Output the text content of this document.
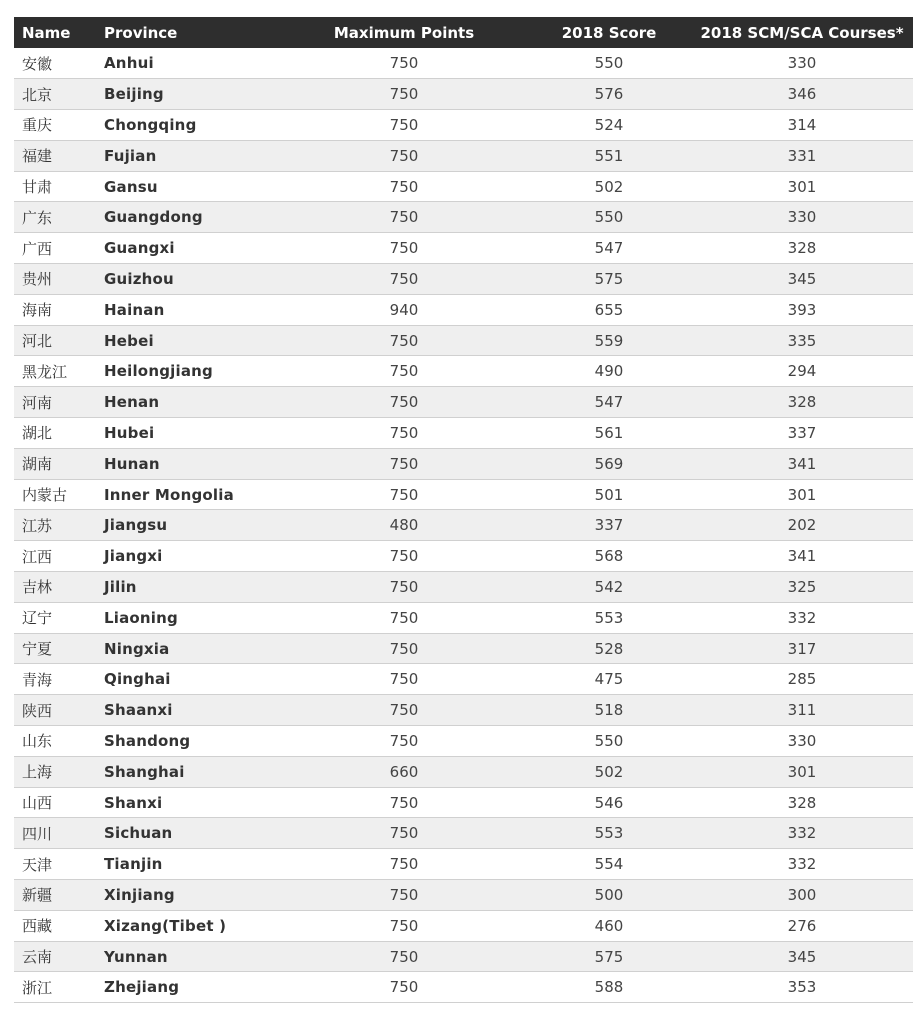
Name	Province	Maximum Points	2018 Score	2018 SCM/SCA Courses*
安徽	Anhui	750	550	330
北京	Beijing	750	576	346
重庆	Chongqing	750	524	314
福建	Fujian	750	551	331
甘肃	Gansu	750	502	301
广东	Guangdong	750	550	330
广西	Guangxi	750	547	328
贵州	Guizhou	750	575	345
海南	Hainan	940	655	393
河北	Hebei	750	559	335
黑龙江	Heilongjiang	750	490	294
河南	Henan	750	547	328
湖北	Hubei	750	561	337
湖南	Hunan	750	569	341
内蒙古	Inner Mongolia	750	501	301
江苏	Jiangsu	480	337	202
江西	Jiangxi	750	568	341
吉林	Jilin	750	542	325
辽宁	Liaoning	750	553	332
宁夏	Ningxia	750	528	317
青海	Qinghai	750	475	285
陕西	Shaanxi	750	518	311
山东	Shandong	750	550	330
上海	Shanghai	660	502	301
山西	Shanxi	750	546	328
四川	Sichuan	750	553	332
天津	Tianjin	750	554	332
新疆	Xinjiang	750	500	300
西藏	Xizang(Tibet )	750	460	276
云南	Yunnan	750	575	345
浙江	Zhejiang	750	588	353
